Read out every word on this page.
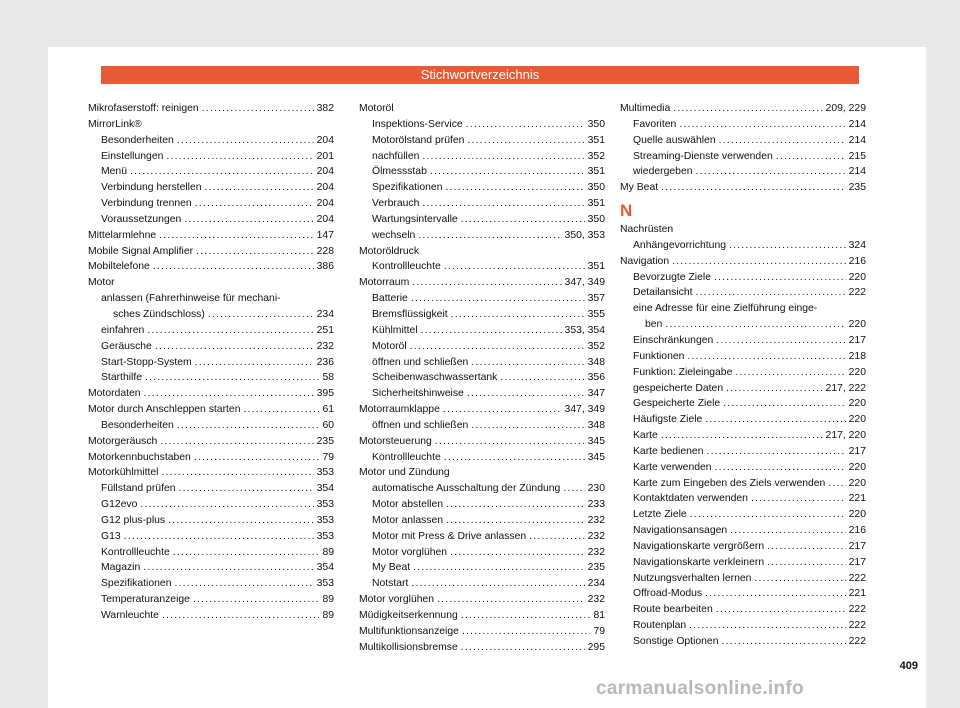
Stichwortverzeichnis
Mikrofaserstoff: reinigen .....	382
MirrorLink®
Besonderheiten .....	204
Einstellungen .....	201
Menü .....	204
Verbindung herstellen .....	204
Verbindung trennen .....	204
Voraussetzungen .....	204
Mittelarmlehne .....	147
Mobile Signal Amplifier .....	228
Mobiltelefone .....	386
Motor
anlassen (Fahrerhinweise für mechani-
sches Zündschloss) .....	234
einfahren .....	251
Geräusche .....	232
Start-Stopp-System .....	236
Starthilfe .....	58
Motordaten .....	395
Motor durch Anschleppen starten .....	61
Besonderheiten .....	60
Motorgeräusch .....	235
Motorkennbuchstaben .....	79
Motorkühlmittel .....	353
Füllstand prüfen .....	354
G12evo .....	353
G12 plus-plus .....	353
G13 .....	353
Kontrollleuchte .....	89
Magazin .....	354
Spezifikationen .....	353
Temperaturanzeige .....	89
Warnleuchte .....	89
Motoröl
Inspektions-Service .....	350
Motorölstand prüfen .....	351
nachfüllen .....	352
Ölmessstab .....	351
Spezifikationen .....	350
Verbrauch .....	351
Wartungsintervalle .....	350
wechseln .....	350, 353
Motoröldruck
Kontrollleuchte .....	351
Motorraum .....	347, 349
Batterie .....	357
Bremsflüssigkeit .....	355
Kühlmittel .....	353, 354
Motoröl .....	352
öffnen und schließen .....	348
Scheibenwaschwassertank .....	356
Sicherheitshinweise .....	347
Motorraumklappe .....	347, 349
öffnen und schließen .....	348
Motorsteuerung .....	345
Kontrollleuchte .....	345
Motor und Zündung
automatische Ausschaltung der Zündung .....	230
Motor abstellen .....	233
Motor anlassen .....	232
Motor mit Press & Drive anlassen .....	232
Motor vorglühen .....	232
My Beat .....	235
Notstart .....	234
Motor vorglühen .....	232
Müdigkeitserkennung .....	81
Multifunktionsanzeige .....	79
Multikollisionsbremse .....	295
Multimedia .....	209, 229
Favoriten .....	214
Quelle auswählen .....	214
Streaming-Dienste verwenden .....	215
wiedergeben .....	214
My Beat .....	235
N
Nachrüsten
Anhängevorrichtung .....	324
Navigation .....	216
Bevorzugte Ziele .....	220
Detailansicht .....	222
eine Adresse für eine Zielführung einge-
ben .....	220
Einschränkungen .....	217
Funktionen .....	218
Funktion: Zieleingabe .....	220
gespeicherte Daten .....	217, 222
Gespeicherte Ziele .....	220
Häufigste Ziele .....	220
Karte .....	217, 220
Karte bedienen .....	217
Karte verwenden .....	220
Karte zum Eingeben des Ziels verwenden ..... 220
Kontaktdaten verwenden .....	221
Letzte Ziele .....	220
Navigationsansagen .....	216
Navigationskarte vergrößern .....	217
Navigationskarte verkleinern .....	217
Nutzungsverhalten lernen .....	222
Offroad-Modus .....	221
Route bearbeiten .....	222
Routenplan .....	222
Sonstige Optionen .....	222
409
carmanualsonline.info
